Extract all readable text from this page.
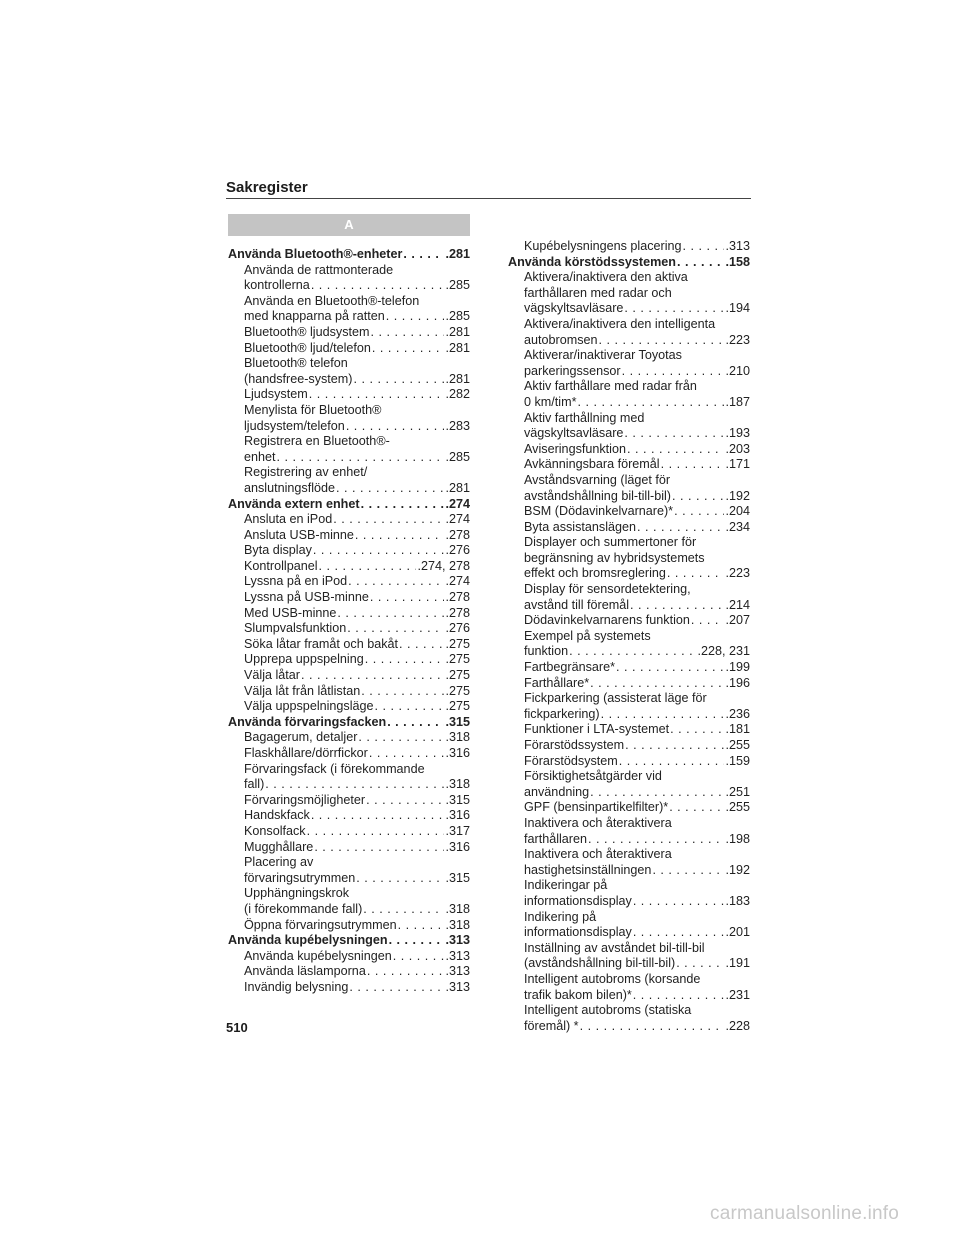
Sakregister
A
Använda Bluetooth®-enheter . . .	.281
Använda de rattmonterade
kontrollerna . . .	.285
Använda en Bluetooth®-telefon
med knapparna på ratten . . .	.285
Bluetooth® ljudsystem . . .	.281
Bluetooth® ljud/telefon . . .	.281
Bluetooth® telefon
(handsfree-system) . . .	.281
Ljudsystem . . .	.282
Menylista för Bluetooth®
ljudsystem/telefon . . .	.283
Registrera en Bluetooth®-
enhet . . .	.285
Registrering av enhet/
anslutningsflöde . . .	.281
Använda extern enhet . . .	.274
Ansluta en iPod . . .	.274
Ansluta USB-minne . . .	.278
Byta display . . .	.276
Kontrollpanel . . .	.274, 278
Lyssna på en iPod . . .	.274
Lyssna på USB-minne . . .	.278
Med USB-minne . . .	.278
Slumpvalsfunktion . . .	.276
Söka låtar framåt och bakåt . . .	.275
Upprepa uppspelning . . .	.275
Välja låtar . . .	.275
Välja låt från låtlistan . . .	.275
Välja uppspelningsläge . . .	.275
Använda förvaringsfacken . . .	.315
Bagagerum, detaljer . . .	.318
Flaskhållare/dörrfickor . . .	.316
Förvaringsfack (i förekommande
fall) . . .	.318
Förvaringsmöjligheter . . .	.315
Handskfack . . .	.316
Konsolfack . . .	.317
Mugghållare . . .	.316
Placering av
förvaringsutrymmen . . .	.315
Upphängningskrok
(i förekommande fall) . . .	.318
Öppna förvaringsutrymmen . . .	.318
Använda kupébelysningen . . .	.313
Använda kupébelysningen . . .	.313
Använda läslamporna . . .	.313
Invändig belysning . . .	.313
Kupébelysningens placering . . .	.313
Använda körstödssystemen . . .	.158
Aktivera/inaktivera den aktiva
farthållaren med radar och
vägskyltsavläsare . . .	.194
Aktivera/inaktivera den intelligenta
autobromsen . . .	.223
Aktiverar/inaktiverar Toyotas
parkeringssensor . . .	.210
Aktiv farthållare med radar från
0 km/tim* . . .	.187
Aktiv farthållning med
vägskyltsavläsare . . .	.193
Aviseringsfunktion . . .	.203
Avkänningsbara föremål . . .	.171
Avståndsvarning (läget för
avståndshållning bil-till-bil) . . .	.192
BSM (Dödavinkelvarnare)* . . .	.204
Byta assistanslägen . . .	.234
Displayer och summertoner för
begränsning av hybridsystemets
effekt och bromsreglering . . .	.223
Display för sensordetektering,
avstånd till föremål . . .	.214
Dödavinkelvarnarens funktion . . .	.207
Exempel på systemets
funktion . . .	.228, 231
Fartbegränsare* . . .	.199
Farthållare* . . .	.196
Fickparkering (assisterat läge för
fickparkering) . . .	.236
Funktioner i LTA-systemet . . .	.181
Förarstödssystem . . .	.255
Förarstödsystem . . .	.159
Försiktighetsåtgärder vid
användning . . .	.251
GPF (bensinpartikelfilter)* . . .	.255
Inaktivera och återaktivera
farthållaren . . .	.198
Inaktivera och återaktivera
hastighetsinställningen . . .	.192
Indikeringar på
informationsdisplay . . .	.183
Indikering på
informationsdisplay . . .	.201
Inställning av avståndet bil-till-bil
(avståndshållning bil-till-bil) . . .	.191
Intelligent autobroms (korsande
trafik bakom bilen)* . . .	.231
Intelligent autobroms (statiska
föremål) * . . .	.228
510
carmanualsonline.info
